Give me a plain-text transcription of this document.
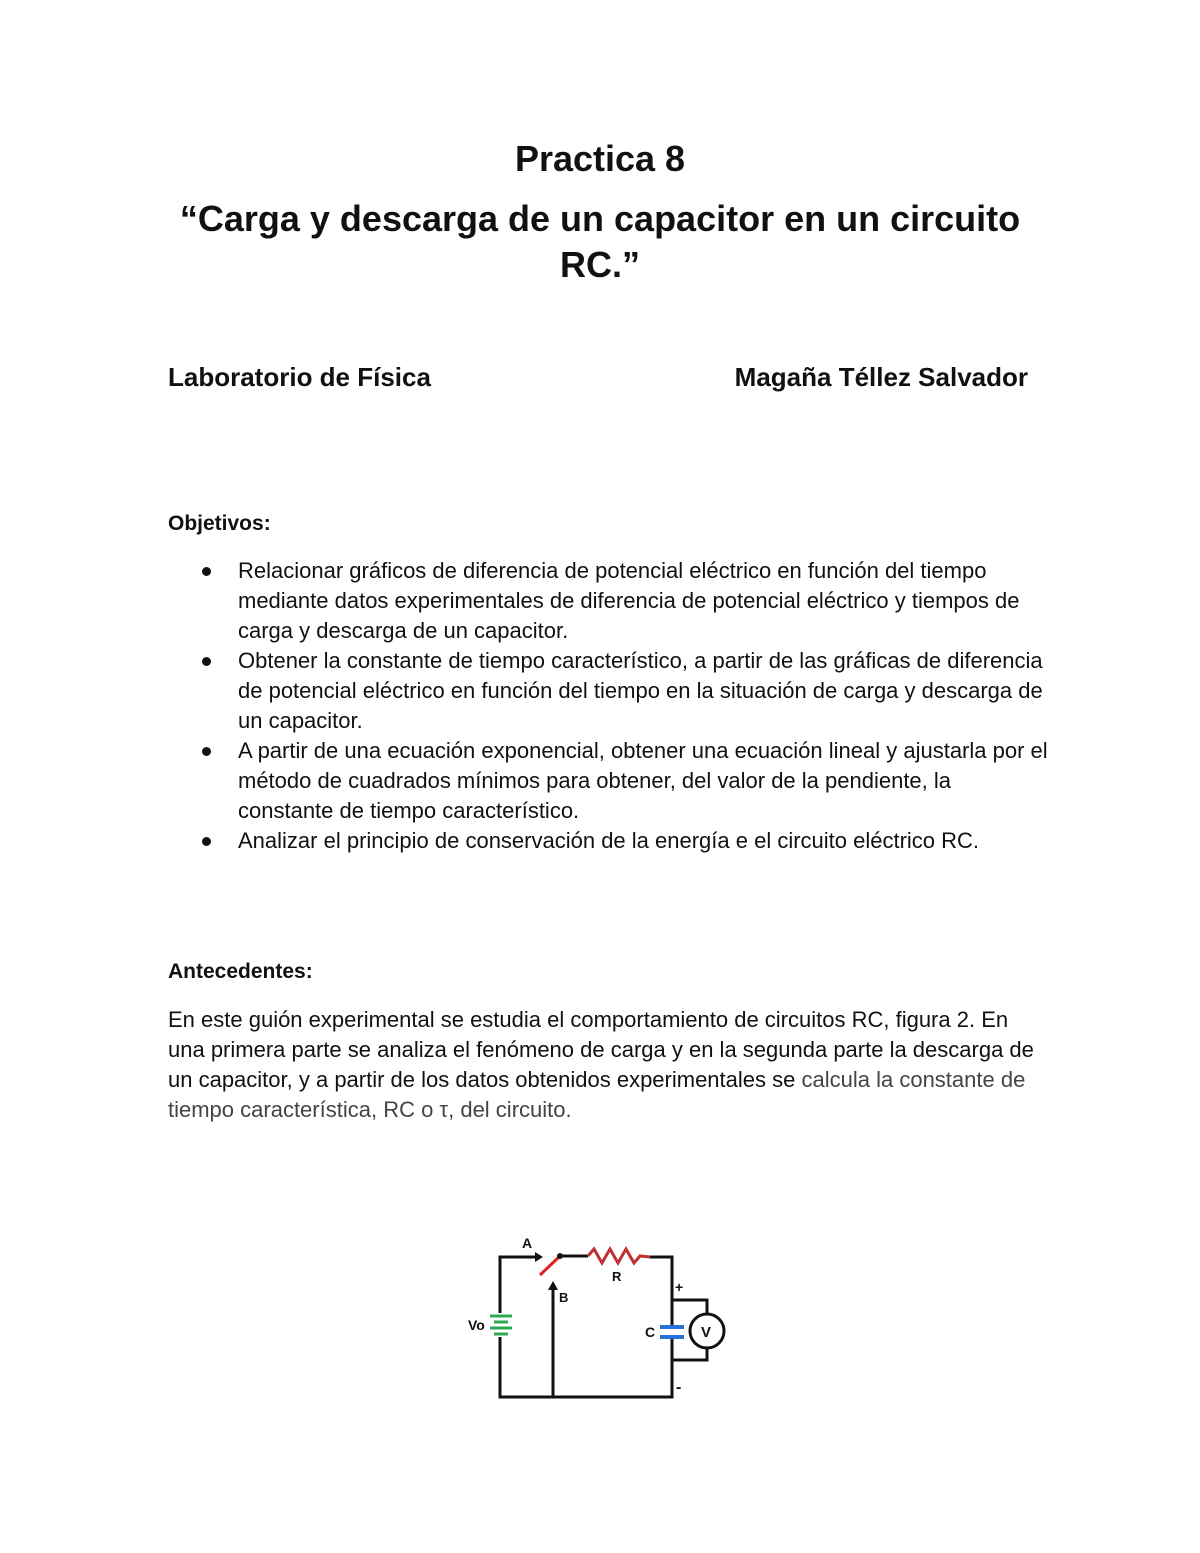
Practica 8
“Carga y descarga de un capacitor en un circuito RC.”

Laboratorio de Física	Magaña Téllez Salvador

Objetivos:

Relacionar gráficos de diferencia de potencial eléctrico en función del tiempo mediante datos experimentales de diferencia de potencial eléctrico y tiempos de carga y descarga de un capacitor.
Obtener la constante de tiempo característico, a partir de las gráficas de diferencia de potencial eléctrico en función del tiempo en la situación de carga y descarga de un capacitor.
A partir de una ecuación exponencial, obtener una ecuación lineal y ajustarla por el método de cuadrados mínimos para obtener, del valor de la pendiente, la constante de tiempo característico.
Analizar el principio de conservación de la energía e el circuito eléctrico RC.

Antecedentes:

En este guión experimental se estudia el comportamiento de circuitos RC, figura 2. En una primera parte se analiza el fenómeno de carga y en la segunda parte la descarga de un capacitor, y a partir de los datos obtenidos experimentales se calcula la constante de tiempo característica, RC o τ, del circuito.

A
B
R
C
Vo	V
+
-
